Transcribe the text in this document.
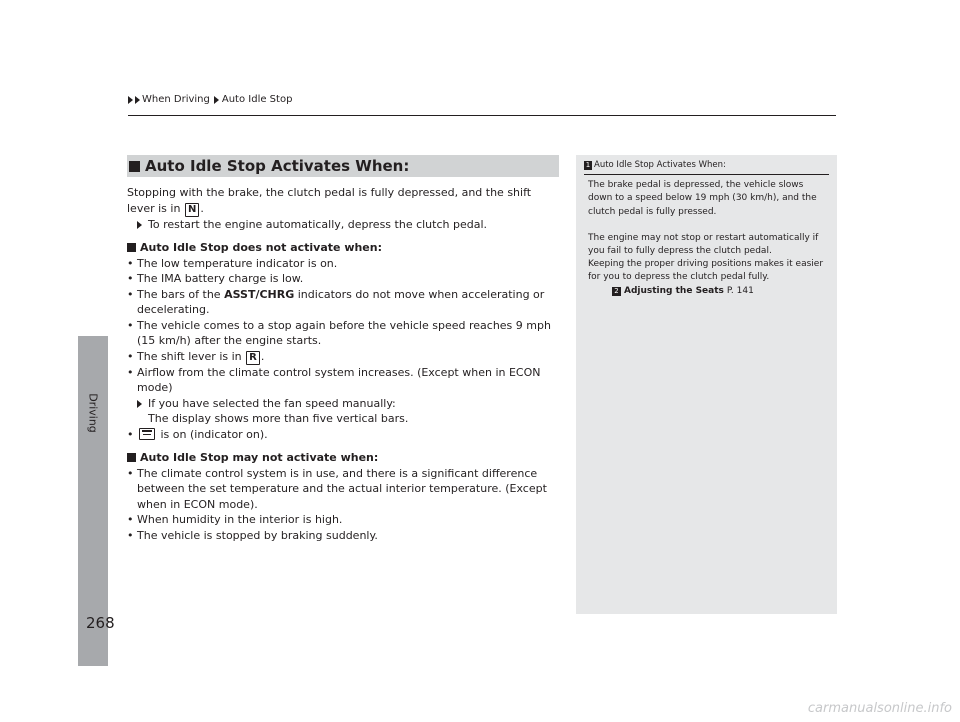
When Driving Auto Idle Stop
Driving
268
Auto Idle Stop Activates When:

Stopping with the brake, the clutch pedal is fully depressed, and the shift lever is in N .

To restart the engine automatically, depress the clutch pedal.
Auto Idle Stop does not activate when:
• The low temperature indicator is on.
• The IMA battery charge is low.
• The bars of the ASST/CHRG indicators do not move when accelerating or decelerating.
• The vehicle comes to a stop again before the vehicle speed reaches 9 mph (15 km/h) after the engine starts.
• The shift lever is in R .
• Airflow from the climate control system increases. (Except when in ECON mode)
If you have selected the fan speed manually:
The display shows more than five vertical bars.
•	is on (indicator on).
Auto Idle Stop may not activate when:
• The climate control system is in use, and there is a significant difference between the set temperature and the actual interior temperature. (Except when in ECON mode).
• When humidity in the interior is high.
• The vehicle is stopped by braking suddenly.
1 Auto Idle Stop Activates When:

The brake pedal is depressed, the vehicle slows down to a speed below 19 mph (30 km/h), and the clutch pedal is fully pressed.

The engine may not stop or restart automatically if you fail to fully depress the clutch pedal.

Keeping the proper driving positions makes it easier for you to depress the clutch pedal fully.

2 Adjusting the Seats P. 141
carmanualsonline.info
